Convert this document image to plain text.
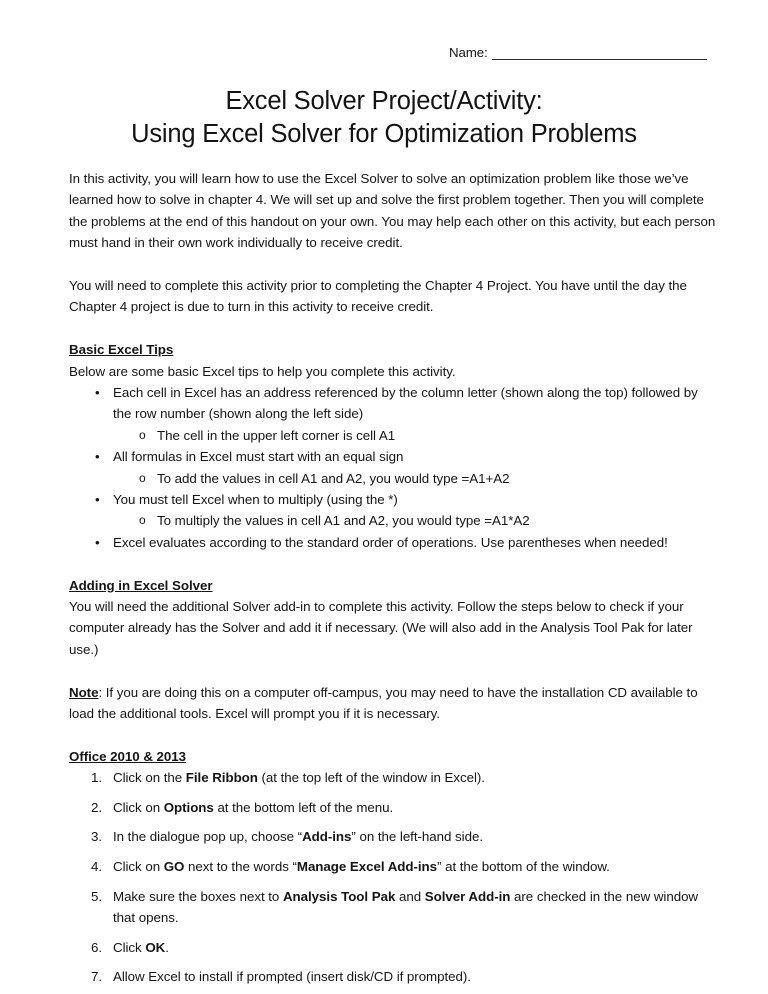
Name:
Excel Solver Project/Activity:
Using Excel Solver for Optimization Problems

In this activity, you will learn how to use the Excel Solver to solve an optimization problem like those we’ve learned how to solve in chapter 4. We will set up and solve the first problem together. Then you will complete the problems at the end of this handout on your own. You may help each other on this activity, but each person must hand in their own work individually to receive credit.

You will need to complete this activity prior to completing the Chapter 4 Project. You have until the day the Chapter 4 project is due to turn in this activity to receive credit.

Basic Excel Tips

Below are some basic Excel tips to help you complete this activity.

• Each cell in Excel has an address referenced by the column letter (shown along the top) followed by the row number (shown along the left side)
o The cell in the upper left corner is cell A1
• All formulas in Excel must start with an equal sign
o To add the values in cell A1 and A2, you would type =A1+A2
• You must tell Excel when to multiply (using the *)
o To multiply the values in cell A1 and A2, you would type =A1*A2
• Excel evaluates according to the standard order of operations. Use parentheses when needed!
Adding in Excel Solver

You will need the additional Solver add-in to complete this activity. Follow the steps below to check if your computer already has the Solver and add it if necessary. (We will also add in the Analysis Tool Pak for later use.)

Note: If you are doing this on a computer off-campus, you may need to have the installation CD available to load the additional tools. Excel will prompt you if it is necessary.

Office 2010 & 2013
1. Click on the File Ribbon (at the top left of the window in Excel).
2. Click on Options at the bottom left of the menu.
3. In the dialogue pop up, choose “Add-ins” on the left-hand side.
4. Click on GO next to the words “Manage Excel Add-ins” at the bottom of the window.
5. Make sure the boxes next to Analysis Tool Pak and Solver Add-in are checked in the new window that opens.
6. Click OK.
7. Allow Excel to install if prompted (insert disk/CD if prompted).
